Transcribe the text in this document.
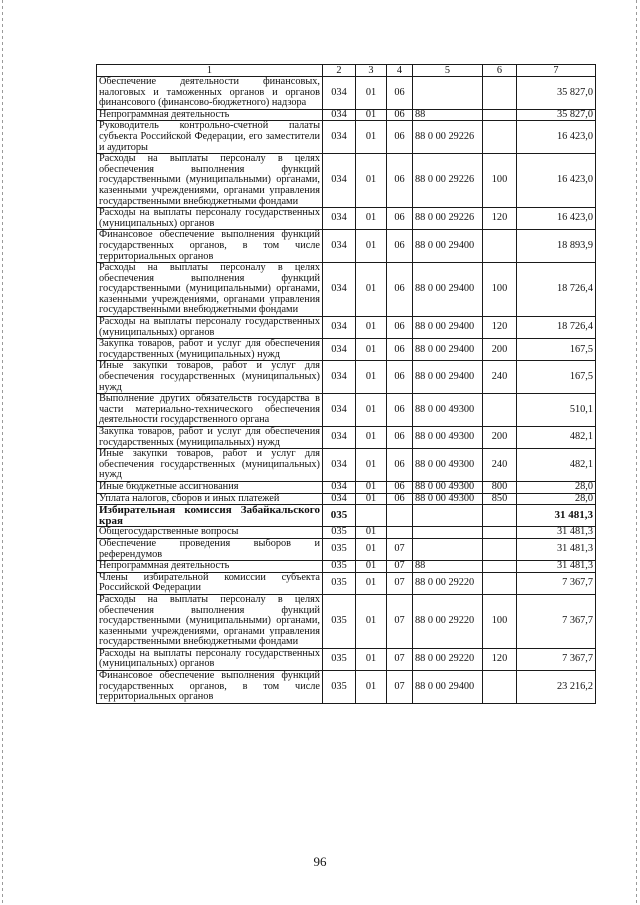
1	2	3	4	5	6	7
Обеспечение деятельности финансовых, налоговых и таможенных органов и органов финансового (финансово-бюджетного) надзора	034	01	06			35 827,0
Непрограммная деятельность	034	01	06	88		35 827,0
Руководитель контрольно-счетной палаты субъекта Российской Федерации, его заместители и аудиторы	034	01	06	88 0 00 29226		16 423,0
Расходы на выплаты персоналу в целях обеспечения выполнения функций государственными (муниципальными) органами, казенными учреждениями, органами управления государственными внебюджетными фондами	034	01	06	88 0 00 29226	100	16 423,0
Расходы на выплаты персоналу государственных (муниципальных) органов	034	01	06	88 0 00 29226	120	16 423,0
Финансовое обеспечение выполнения функций государственных органов, в том числе территориальных органов	034	01	06	88 0 00 29400		18 893,9
Расходы на выплаты персоналу в целях обеспечения выполнения функций государственными (муниципальными) органами, казенными учреждениями, органами управления государственными внебюджетными фондами	034	01	06	88 0 00 29400	100	18 726,4
Расходы на выплаты персоналу государственных (муниципальных) органов	034	01	06	88 0 00 29400	120	18 726,4
Закупка товаров, работ и услуг для обеспечения государственных (муниципальных) нужд	034	01	06	88 0 00 29400	200	167,5
Иные закупки товаров, работ и услуг для обеспечения государственных (муниципальных) нужд	034	01	06	88 0 00 29400	240	167,5
Выполнение других обязательств государства в части материально-технического обеспечения деятельности государственного органа	034	01	06	88 0 00 49300		510,1
Закупка товаров, работ и услуг для обеспечения государственных (муниципальных) нужд	034	01	06	88 0 00 49300	200	482,1
Иные закупки товаров, работ и услуг для обеспечения государственных (муниципальных) нужд	034	01	06	88 0 00 49300	240	482,1
Иные бюджетные ассигнования	034	01	06	88 0 00 49300	800	28,0
Уплата налогов, сборов и иных платежей	034	01	06	88 0 00 49300	850	28,0
Избирательная комиссия Забайкальского края	035					31 481,3
Общегосударственные вопросы	035	01				31 481,3
Обеспечение проведения выборов и референдумов	035	01	07			31 481,3
Непрограммная деятельность	035	01	07	88		31 481,3
Члены избирательной комиссии субъекта Российской Федерации	035	01	07	88 0 00 29220		7 367,7
Расходы на выплаты персоналу в целях обеспечения выполнения функций государственными (муниципальными) органами, казенными учреждениями, органами управления государственными внебюджетными фондами	035	01	07	88 0 00 29220	100	7 367,7
Расходы на выплаты персоналу государственных (муниципальных) органов	035	01	07	88 0 00 29220	120	7 367,7
Финансовое обеспечение выполнения функций государственных органов, в том числе территориальных органов	035	01	07	88 0 00 29400		23 216,2
96
